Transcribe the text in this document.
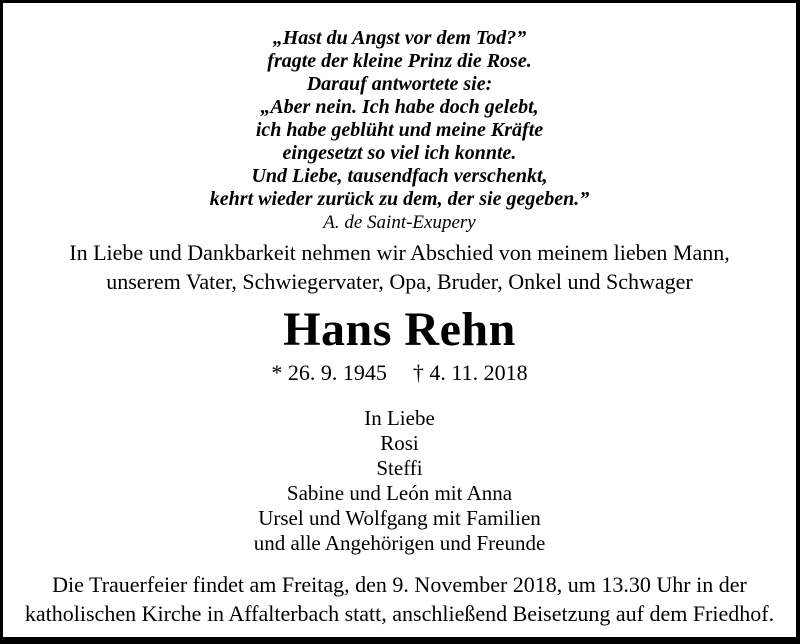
„Hast du Angst vor dem Tod?”
fragte der kleine Prinz die Rose.
Darauf antwortete sie:
„Aber nein. Ich habe doch gelebt,
ich habe geblüht und meine Kräfte
eingesetzt so viel ich konnte.
Und Liebe, tausendfach verschenkt,
kehrt wieder zurück zu dem, der sie gegeben.”
A. de Saint-Exupery
In Liebe und Dankbarkeit nehmen wir Abschied von meinem lieben Mann,
unserem Vater, Schwiegervater, Opa, Bruder, Onkel und Schwager
Hans Rehn
* 26. 9. 1945 † 4. 11. 2018
In Liebe
Rosi
Steffi
Sabine und León mit Anna
Ursel und Wolfgang mit Familien
und alle Angehörigen und Freunde
Die Trauerfeier findet am Freitag, den 9. November 2018, um 13.30 Uhr in der
katholischen Kirche in Affalterbach statt, anschließend Beisetzung auf dem Friedhof.
